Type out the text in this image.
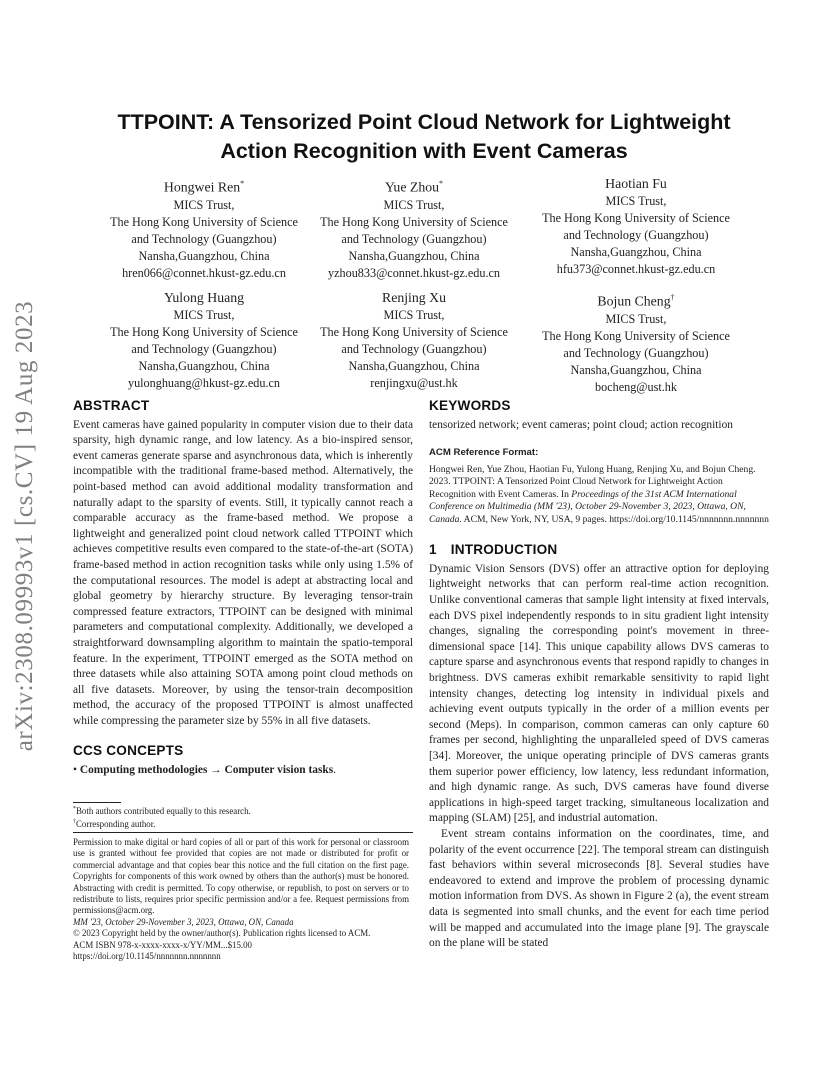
arXiv:2308.09993v1 [cs.CV] 19 Aug 2023
TTPOINT: A Tensorized Point Cloud Network for Lightweight
Action Recognition with Event Cameras
Hongwei Ren*
MICS Trust,
The Hong Kong University of Science
and Technology (Guangzhou)
Nansha,Guangzhou, China
hren066@connet.hkust-gz.edu.cn
Yue Zhou*
MICS Trust,
The Hong Kong University of Science
and Technology (Guangzhou)
Nansha,Guangzhou, China
yzhou833@connet.hkust-gz.edu.cn
Haotian Fu
MICS Trust,
The Hong Kong University of Science
and Technology (Guangzhou)
Nansha,Guangzhou, China
hfu373@connet.hkust-gz.edu.cn
Yulong Huang
MICS Trust,
The Hong Kong University of Science
and Technology (Guangzhou)
Nansha,Guangzhou, China
yulonghuang@hkust-gz.edu.cn
Renjing Xu
MICS Trust,
The Hong Kong University of Science
and Technology (Guangzhou)
Nansha,Guangzhou, China
renjingxu@ust.hk
Bojun Cheng†
MICS Trust,
The Hong Kong University of Science
and Technology (Guangzhou)
Nansha,Guangzhou, China
bocheng@ust.hk
ABSTRACT

Event cameras have gained popularity in computer vision due to their data sparsity, high dynamic range, and low latency. As a bio-inspired sensor, event cameras generate sparse and asynchronous data, which is inherently incompatible with the traditional frame-based method. Alternatively, the point-based method can avoid additional modality transformation and naturally adapt to the sparsity of events. Still, it typically cannot reach a comparable accuracy as the frame-based method. We propose a lightweight and generalized point cloud network called TTPOINT which achieves competitive results even compared to the state-of-the-art (SOTA) frame-based method in action recognition tasks while only using 1.5% of the computational resources. The model is adept at abstracting local and global geometry by hierarchy structure. By leveraging tensor-train compressed feature extractors, TTPOINT can be designed with minimal parameters and computational complexity. Additionally, we developed a straightforward downsampling algorithm to maintain the spatio-temporal feature. In the experiment, TTPOINT emerged as the SOTA method on three datasets while also attaining SOTA among point cloud methods on all five datasets. Moreover, by using the tensor-train decomposition method, the accuracy of the proposed TTPOINT is almost unaffected while compressing the parameter size by 55% in all five datasets.

CCS CONCEPTS
• Computing methodologies → Computer vision tasks.
*Both authors contributed equally to this research.
†Corresponding author.
Permission to make digital or hard copies of all or part of this work for personal or classroom use is granted without fee provided that copies are not made or distributed for profit or commercial advantage and that copies bear this notice and the full citation on the first page. Copyrights for components of this work owned by others than the author(s) must be honored. Abstracting with credit is permitted. To copy otherwise, or republish, to post on servers or to redistribute to lists, requires prior specific permission and/or a fee. Request permissions from permissions@acm.org.
MM '23, October 29-November 3, 2023, Ottawa, ON, Canada
© 2023 Copyright held by the owner/author(s). Publication rights licensed to ACM.
ACM ISBN 978-x-xxxx-xxxx-x/YY/MM...$15.00
https://doi.org/10.1145/nnnnnnn.nnnnnnn
KEYWORDS

tensorized network; event cameras; point cloud; action recognition

ACM Reference Format:
Hongwei Ren, Yue Zhou, Haotian Fu, Yulong Huang, Renjing Xu, and Bojun Cheng. 2023. TTPOINT: A Tensorized Point Cloud Network for Lightweight Action Recognition with Event Cameras. In Proceedings of the 31st ACM International Conference on Multimedia (MM '23), October 29-November 3, 2023, Ottawa, ON, Canada. ACM, New York, NY, USA, 9 pages. https://doi.org/10.1145/nnnnnnn.nnnnnnn
1 INTRODUCTION

Dynamic Vision Sensors (DVS) offer an attractive option for deploying lightweight networks that can perform real-time action recognition. Unlike conventional cameras that sample light intensity at fixed intervals, each DVS pixel independently responds to in situ gradient light intensity changes, signaling the corresponding point's movement in three-dimensional space [14]. This unique capability allows DVS cameras to capture sparse and asynchronous events that respond rapidly to changes in brightness. DVS cameras exhibit remarkable sensitivity to rapid light intensity changes, detecting log intensity in individual pixels and achieving event outputs typically in the order of a million events per second (Meps). In comparison, common cameras can only capture 60 frames per second, highlighting the unparalleled speed of DVS cameras [34]. Moreover, the unique operating principle of DVS cameras grants them superior power efficiency, low latency, less redundant information, and high dynamic range. As such, DVS cameras have found diverse applications in high-speed target tracking, simultaneous localization and mapping (SLAM) [25], and industrial automation.

Event stream contains information on the coordinates, time, and polarity of the event occurrence [22]. The temporal stream can distinguish fast behaviors within several microseconds [8]. Several studies have endeavored to extend and improve the problem of processing dynamic motion information from DVS. As shown in Figure 2 (a), the event stream data is segmented into small chunks, and the event for each time period will be mapped and accumulated into the image plane [9]. The grayscale on the plane will be stated
